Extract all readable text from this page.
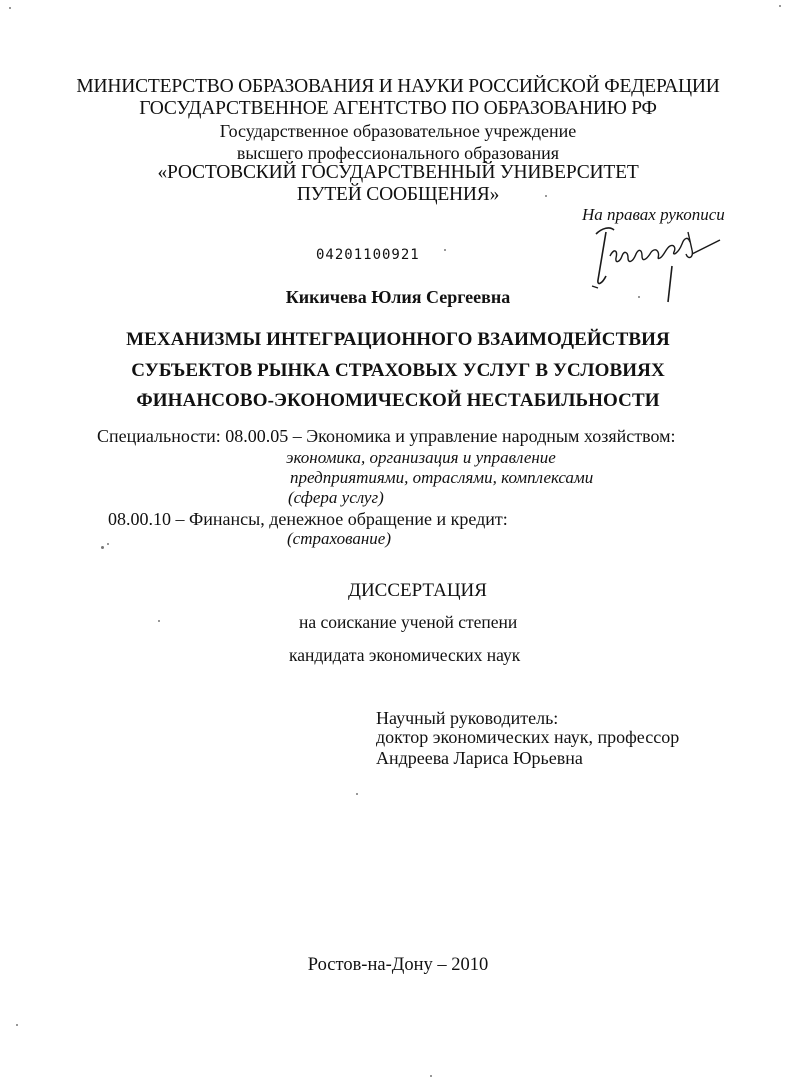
МИНИСТЕРСТВО ОБРАЗОВАНИЯ И НАУКИ РОССИЙСКОЙ ФЕДЕРАЦИИ
ГОСУДАРСТВЕННОЕ АГЕНТСТВО ПО ОБРАЗОВАНИЮ РФ
Государственное образовательное учреждение
высшего профессионального образования
«РОСТОВСКИЙ ГОСУДАРСТВЕННЫЙ УНИВЕРСИТЕТ
ПУТЕЙ СООБЩЕНИЯ»
На правах рукописи
04201100921
Кикичева Юлия Сергеевна
МЕХАНИЗМЫ ИНТЕГРАЦИОННОГО ВЗАИМОДЕЙСТВИЯ
СУБЪЕКТОВ РЫНКА СТРАХОВЫХ УСЛУГ В УСЛОВИЯХ
ФИНАНСОВО-ЭКОНОМИЧЕСКОЙ НЕСТАБИЛЬНОСТИ
Специальности: 08.00.05 – Экономика и управление народным хозяйством:
экономика, организация и управление
предприятиями, отраслями, комплексами
(сфера услуг)
08.00.10 – Финансы, денежное обращение и кредит:
(страхование)
ДИССЕРТАЦИЯ
на соискание ученой степени
кандидата экономических наук
Научный руководитель:
доктор экономических наук, профессор
Андреева Лариса Юрьевна
Ростов-на-Дону – 2010
